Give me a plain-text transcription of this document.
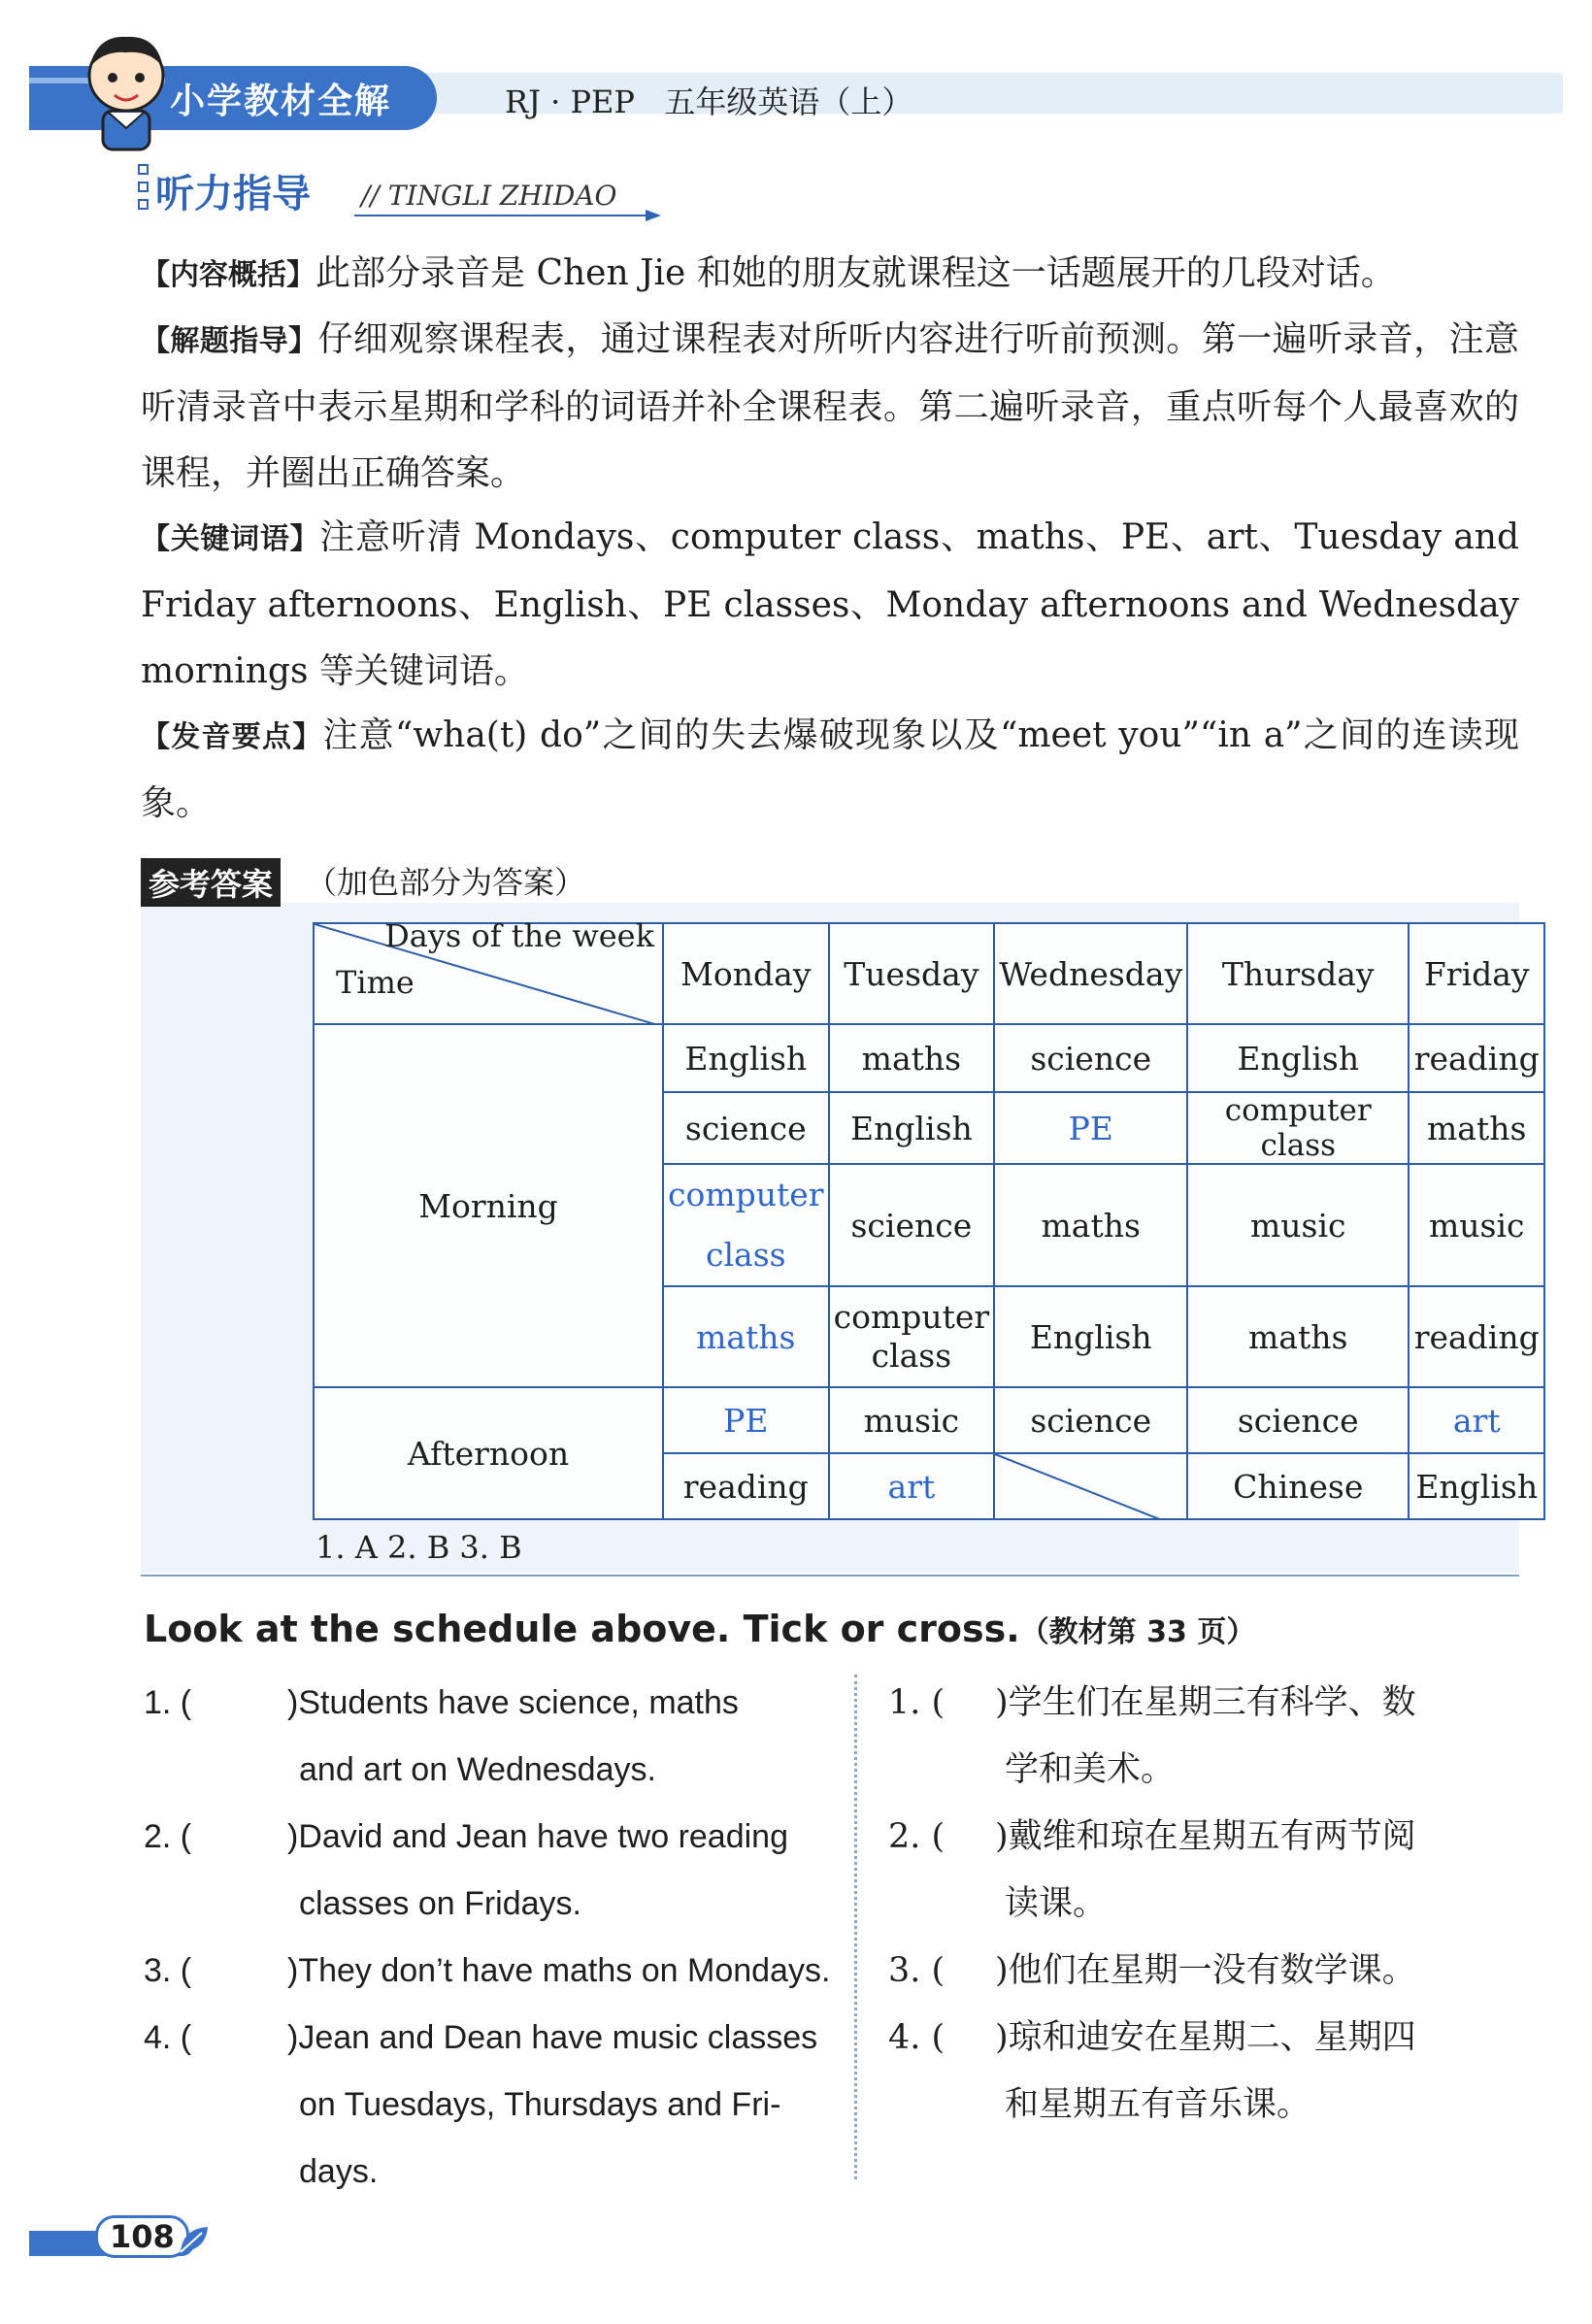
小学教材全解	RJ · PEP 五年级英语（上）
听力指导 // TINGLI ZHIDAO
【内容概括】此部分录音是 Chen Jie 和她的朋友就课程这一话题展开的几段对话。
【解题指导】仔细观察课程表，通过课程表对所听内容进行听前预测。第一遍听录音，注意听清录音中表示星期和学科的词语并补全课程表。第二遍听录音，重点听每个人最喜欢的课程，并圈出正确答案。
【关键词语】注意听清 Mondays、computer class、maths、PE、art、Tuesday and Friday afternoons、English、PE classes、Monday afternoons and Wednesday mornings 等关键词语。
【发音要点】注意“wha(t) do”之间的失去爆破现象以及“meet you”“in a”之间的连读现象。
参考答案 （加色部分为答案）
Days of the week
Time	Monday	Tuesday	Wednesday	Thursday	Friday
Morning	English	maths	science	English	reading
	science	English	PE	computer class	maths
	computer class	science	maths	music	music
	maths	computer class	English	maths	reading
Afternoon	PE	music	science	science	art
	reading	art		Chinese	English
1. A 2. B 3. B
Look at the schedule above. Tick or cross.（教材第 33 页）
1. (	)Students have science, maths
and art on Wednesdays.
2. (	)David and Jean have two reading
classes on Fridays.
3. (	)They don’t have maths on Mondays.
4. (	)Jean and Dean have music classes
on Tuesdays, Thursdays and Fri-
days.
1. ( )学生们在星期三有科学、数
学和美术。
2. ( )戴维和琼在星期五有两节阅
读课。
3. ( )他们在星期一没有数学课。
4. ( )琼和迪安在星期二、星期四
和星期五有音乐课。
108
